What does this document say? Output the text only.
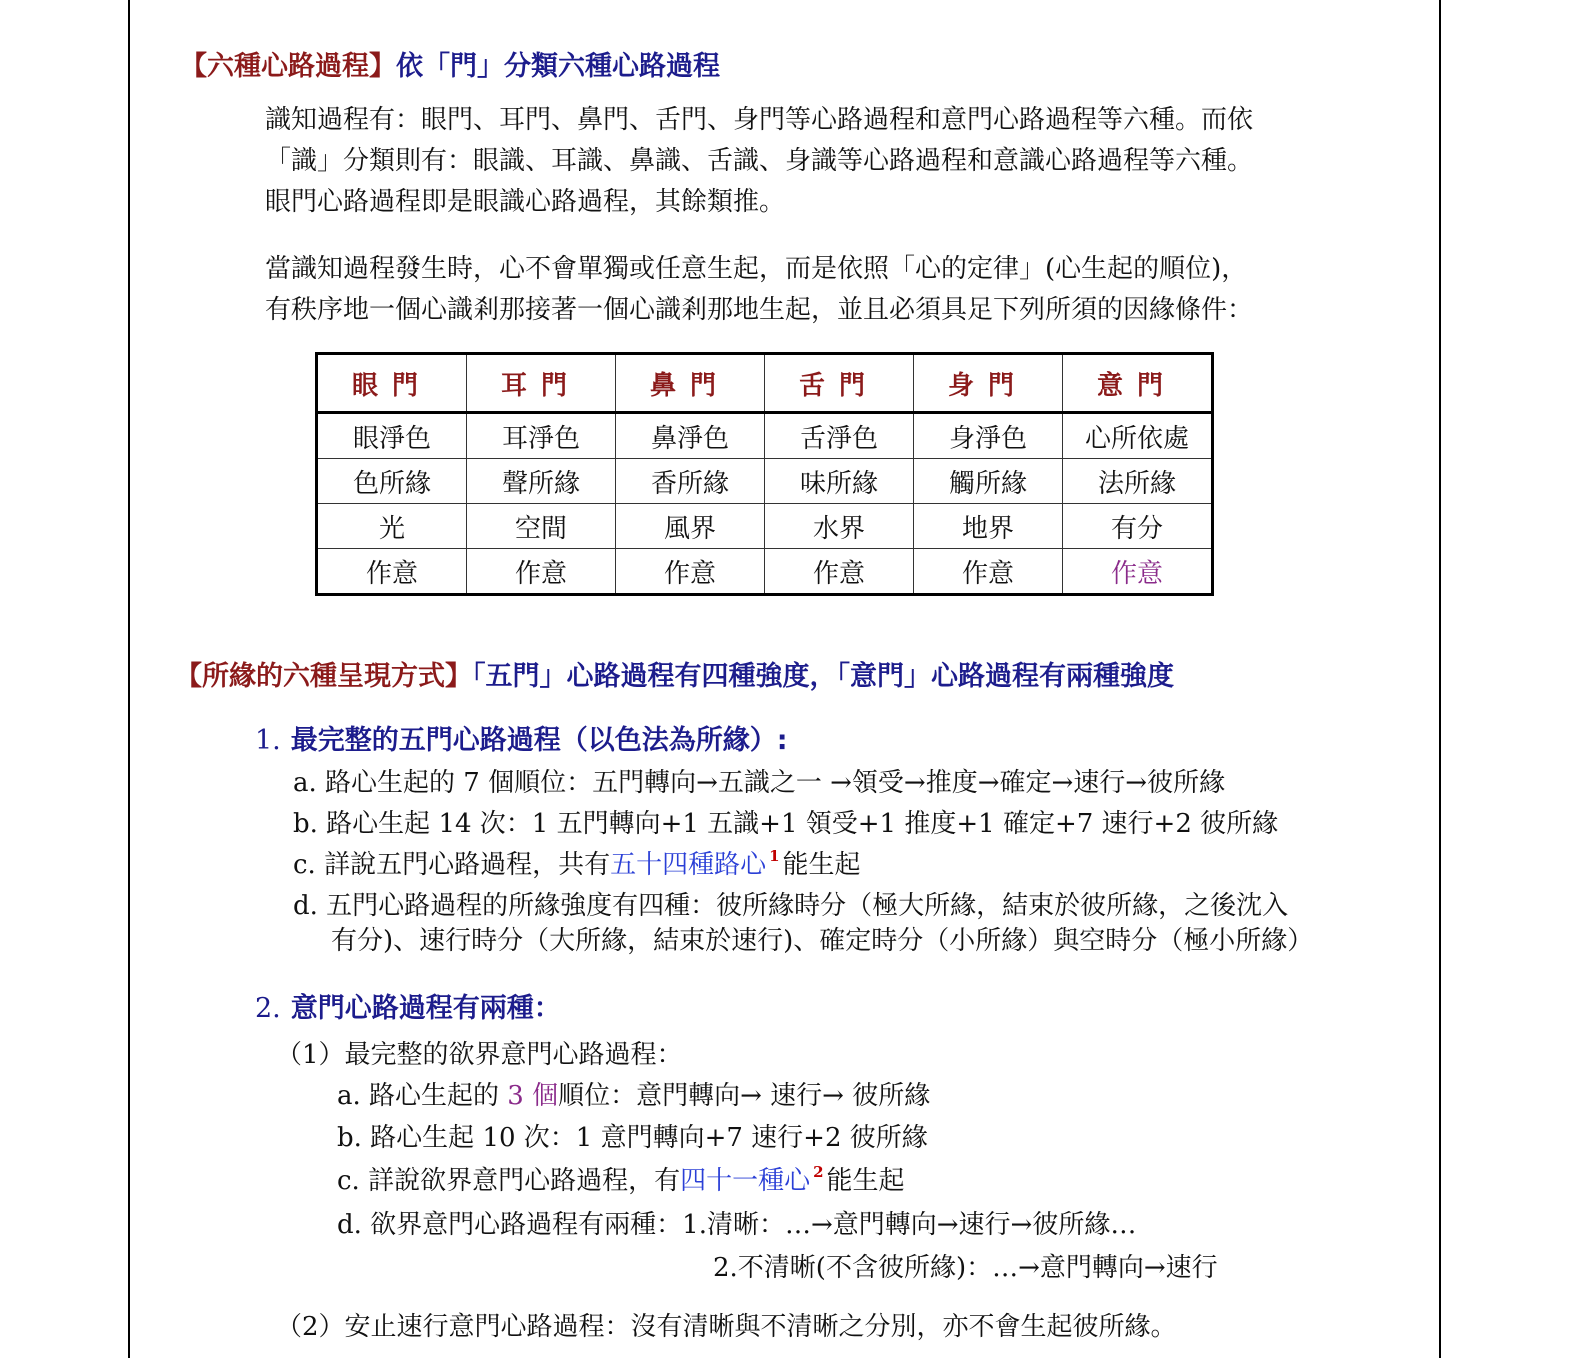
【六種心路過程】依「門」分類六種心路過程
識知過程有：眼門、耳門、鼻門、舌門、身門等心路過程和意門心路過程等六種。而依
「識」分類則有：眼識、耳識、鼻識、舌識、身識等心路過程和意識心路過程等六種。
眼門心路過程即是眼識心路過程，其餘類推。
當識知過程發生時，心不會單獨或任意生起，而是依照「心的定律」(心生起的順位)，
有秩序地一個心識剎那接著一個心識剎那地生起，並且必須具足下列所須的因緣條件：
眼門	耳門	鼻門	舌門	身門	意門
眼淨色	耳淨色	鼻淨色	舌淨色	身淨色	心所依處
色所緣	聲所緣	香所緣	味所緣	觸所緣	法所緣
光	空間	風界	水界	地界	有分
作意	作意	作意	作意	作意	作意
【所緣的六種呈現方式】「五門」心路過程有四種強度，「意門」心路過程有兩種強度
1. 最完整的五門心路過程（以色法為所緣）:
a. 路心生起的 7 個順位：五門轉向→五識之一 →領受→推度→確定→速行→彼所緣
b. 路心生起 14 次：1 五門轉向+1 五識+1 領受+1 推度+1 確定+7 速行+2 彼所緣
c. 詳說五門心路過程，共有五十四種路心 $^1$ 能生起
d. 五門心路過程的所緣強度有四種：彼所緣時分（極大所緣，結束於彼所緣，之後沈入
有分)、速行時分（大所緣，結束於速行)、確定時分（小所緣）與空時分（極小所緣）
2. 意門心路過程有兩種：
（1）最完整的欲界意門心路過程：
a. 路心生起的 3 個順位：意門轉向→ 速行→ 彼所緣
b. 路心生起 10 次：1 意門轉向+7 速行+2 彼所緣
c. 詳說欲界意門心路過程，有四十一種心 $^2$ 能生起
d. 欲界意門心路過程有兩種：1.清晰：…→意門轉向→速行→彼所緣…
2.不清晰(不含彼所緣)：…→意門轉向→速行
（2）安止速行意門心路過程：沒有清晰與不清晰之分別，亦不會生起彼所緣。
